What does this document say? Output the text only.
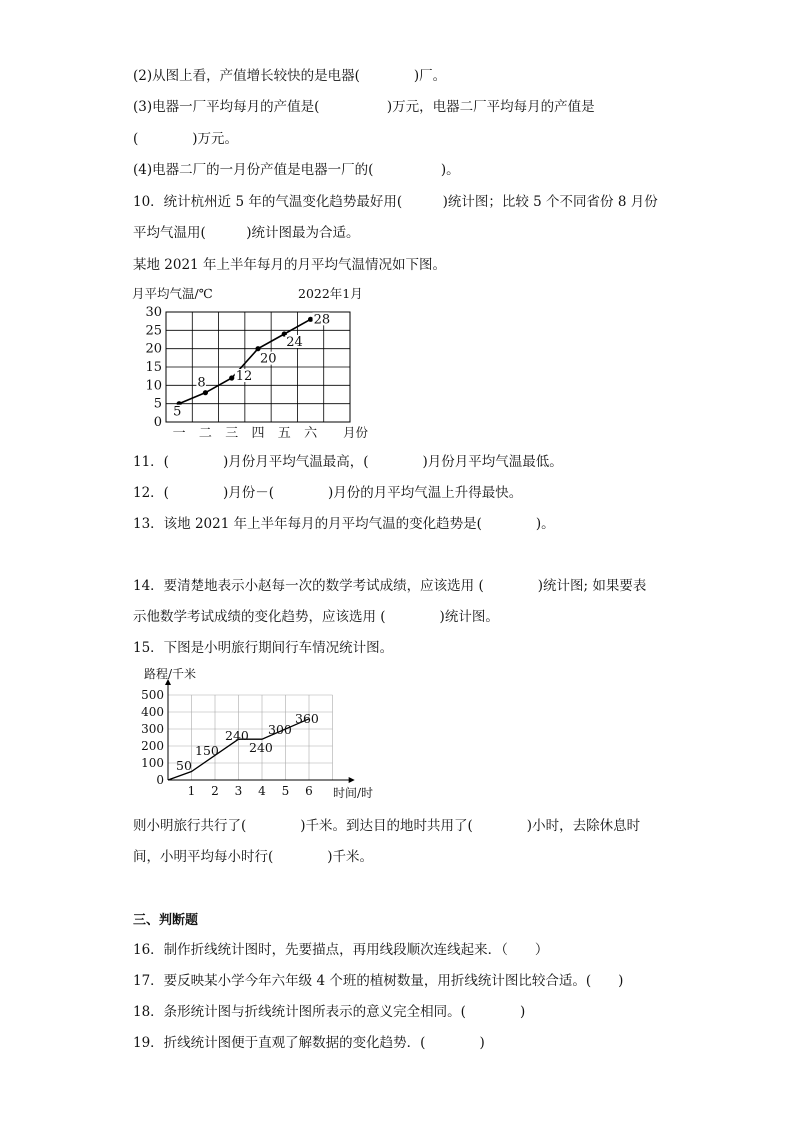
(2)从图上看，产值增长较快的是电器(　　　　)厂。
(3)电器一厂平均每月的产值是(　　　　　)万元，电器二厂平均每月的产值是
(　　　　)万元。
(4)电器二厂的一月份产值是电器一厂的(　　　　　)。
10．统计杭州近 5 年的气温变化趋势最好用(　　　)统计图；比较 5 个不同省份 8 月份
平均气温用(　　　)统计图最为合适。
某地 2021 年上半年每月的月平均气温情况如下图。
0
5
10
15
20
25
30
一 二 三 四 五 六
5
8 12
20
24
28
月平均气温/℃	2022年1月
月份
11．(　　　　)月份月平均气温最高，(　　　　)月份月平均气温最低。
12．(　　　　)月份－(　　　　)月份的月平均气温上升得最快。
13．该地 2021 年上半年每月的月平均气温的变化趋势是(　　　　)。
14．要清楚地表示小赵每一次的数学考试成绩，应该选用 (　　　　)统计图; 如果要表
示他数学考试成绩的变化趋势，应该选用 (　　　　)统计图。
15．下图是小明旅行期间行车情况统计图。
0
100
200
300
400
500
1 2 3 4 5 6
50
150
240
240
300
360
路程/千米
时间/时
则小明旅行共行了(　　　　)千米。到达目的地时共用了(　　　　)小时，去除休息时
间，小明平均每小时行(　　　　)千米。
三、判断题
16．制作折线统计图时，先要描点，再用线段顺次连线起来．（　　）
17．要反映某小学今年六年级 4 个班的植树数量，用折线统计图比较合适。(　　)
18．条形统计图与折线统计图所表示的意义完全相同。(　　　　)
19．折线统计图便于直观了解数据的变化趋势．(　　　　)
